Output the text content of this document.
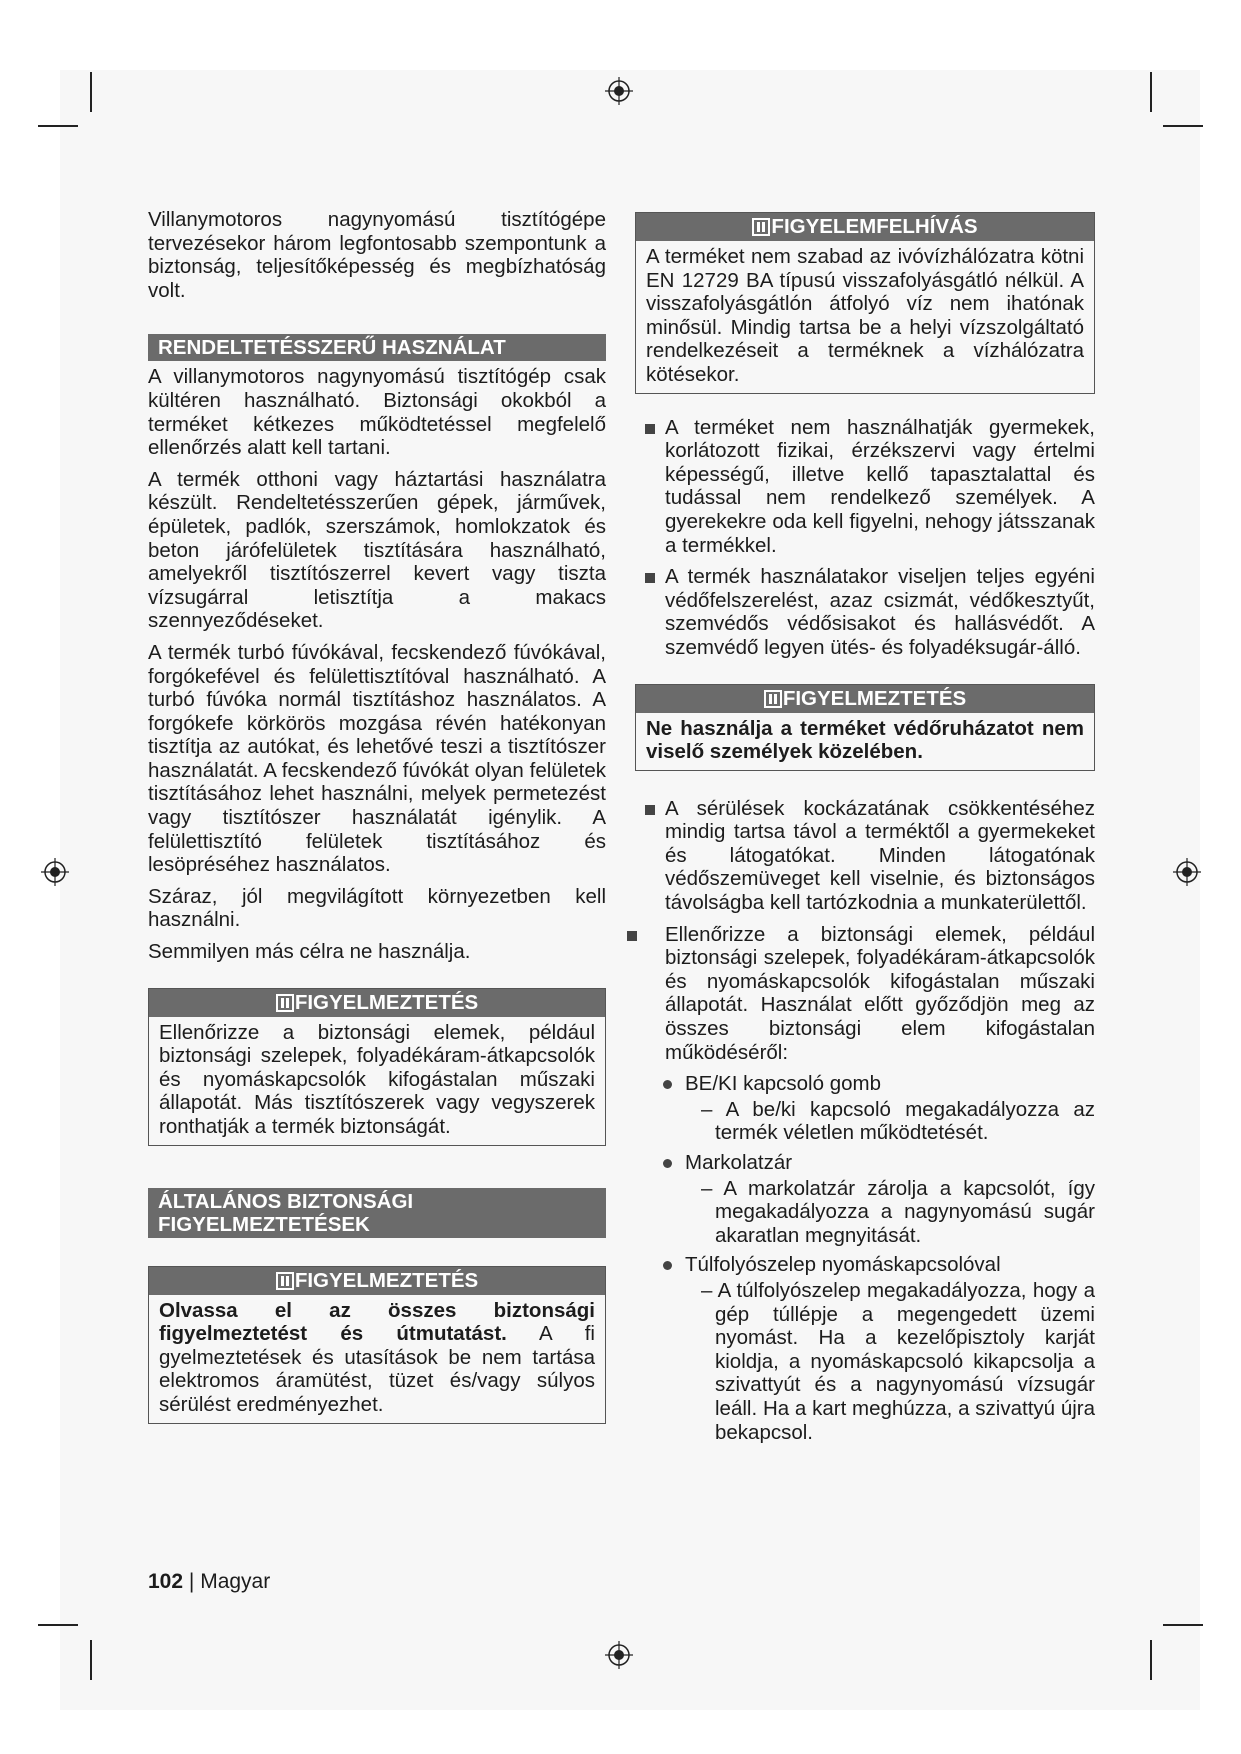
Villanymotoros nagynyomású tisztítógépe tervezésekor három legfontosabb szempontunk a biztonság, teljesítőképesség és megbízhatóság volt.

RENDELTETÉSSZERŰ HASZNÁLAT

A villanymotoros nagynyomású tisztítógép csak kültéren használható. Biztonsági okokból a terméket kétkezes működtetéssel megfelelő ellenőrzés alatt kell tartani.

A termék otthoni vagy háztartási használatra készült. Rendeltetésszerűen gépek, járművek, épületek, padlók, szerszámok, homlokzatok és beton járófelületek tisztítására használható, amelyekről tisztítószerrel kevert vagy tiszta vízsugárral letisztítja a makacs szennyeződéseket.

A termék turbó fúvókával, fecskendező fúvókával, forgókefével és felülettisztítóval használható. A turbó fúvóka normál tisztításhoz használatos. A forgókefe körkörös mozgása révén hatékonyan tisztítja az autókat, és lehetővé teszi a tisztítószer használatát. A fecskendező fúvókát olyan felületek tisztításához lehet használni, melyek permetezést vagy tisztítószer használatát igénylik. A felülettisztító felületek tisztításához és lesöpréséhez használatos.

Száraz, jól megvilágított környezetben kell használni.

Semmilyen más célra ne használja.

FIGYELMEZTETÉS
Ellenőrizze a biztonsági elemek, például biztonsági szelepek, folyadékáram-átkapcsolók és nyomáskapcsolók kifogástalan műszaki állapotát. Más tisztítószerek vagy vegyszerek ronthatják a termék biztonságát.
ÁLTALÁNOS BIZTONSÁGI FIGYELMEZTETÉSEK
FIGYELMEZTETÉS
Olvassa el az összes biztonsági figyelmeztetést és útmutatást. A fi gyelmeztetések és utasítások be nem tartása elektromos áramütést, tüzet és/vagy súlyos sérülést eredményezhet.
FIGYELEMFELHÍVÁS
A terméket nem szabad az ivóvízhálózatra kötni EN 12729 BA típusú visszafolyásgátló nélkül. A visszafolyásgátlón átfolyó víz nem ihatónak minősül. Mindig tartsa be a helyi vízszolgáltató rendelkezéseit a terméknek a vízhálózatra kötésekor.
A terméket nem használhatják gyermekek, korlátozott fizikai, érzékszervi vagy értelmi képességű, illetve kellő tapasztalattal és tudással nem rendelkező személyek. A gyerekekre oda kell figyelni, nehogy játsszanak a termékkel.
A termék használatakor viseljen teljes egyéni védőfelszerelést, azaz csizmát, védőkesztyűt, szemvédős védősisakot és hallásvédőt. A szemvédő legyen ütés- és folyadéksugár-álló.
FIGYELMEZTETÉS
Ne használja a terméket védőruházatot nem viselő személyek közelében.
A sérülések kockázatának csökkentéséhez mindig tartsa távol a terméktől a gyermekeket és látogatókat. Minden látogatónak védőszemüveget kell viselnie, és biztonságos távolságba kell tartózkodnia a munkaterülettől.
Ellenőrizze a biztonsági elemek, például biztonsági szelepek, folyadékáram-átkapcsolók és nyomáskapcsolók kifogástalan műszaki állapotát. Használat előtt győződjön meg az összes biztonsági elem kifogástalan működéséről:
BE/KI kapcsoló gomb
– A be/ki kapcsoló megakadályozza az termék véletlen működtetését.
Markolatzár
– A markolatzár zárolja a kapcsolót, így megakadályozza a nagynyomású sugár akaratlan megnyitását.
Túlfolyószelep nyomáskapcsolóval
– A túlfolyószelep megakadályozza, hogy a gép túllépje a megengedett üzemi nyomást. Ha a kezelőpisztoly karját kioldja, a nyomáskapcsoló kikapcsolja a szivattyút és a nagynyomású vízsugár leáll. Ha a kart meghúzza, a szivattyú újra bekapcsol.
102 | Magyar
